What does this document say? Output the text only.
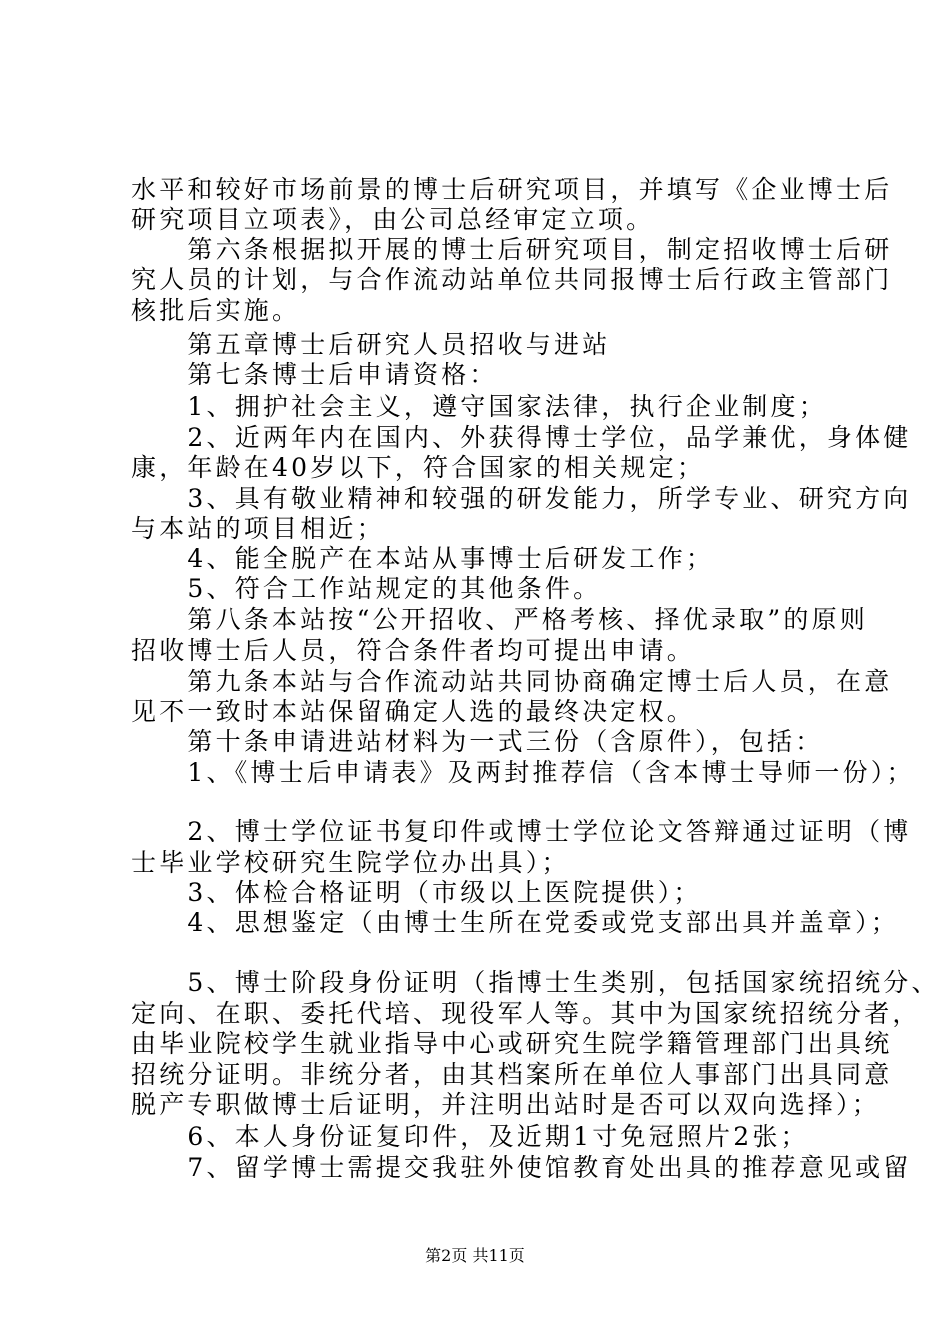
水平和较好市场前景的博士后研究项目，并填写《企业博士后
研究项目立项表》，由公司总经审定立项。
　　第六条根据拟开展的博士后研究项目，制定招收博士后研
究人员的计划，与合作流动站单位共同报博士后行政主管部门
核批后实施。
　　第五章博士后研究人员招收与进站
　　第七条博士后申请资格：
　　1、拥护社会主义，遵守国家法律，执行企业制度；
　　2、近两年内在国内、外获得博士学位，品学兼优，身体健
康，年龄在40岁以下，符合国家的相关规定；
　　3、具有敬业精神和较强的研发能力，所学专业、研究方向
与本站的项目相近；
　　4、能全脱产在本站从事博士后研发工作；
　　5、符合工作站规定的其他条件。
　　第八条本站按“公开招收、严格考核、择优录取”的原则
招收博士后人员，符合条件者均可提出申请。
　　第九条本站与合作流动站共同协商确定博士后人员，在意
见不一致时本站保留确定人选的最终决定权。
　　第十条申请进站材料为一式三份（含原件），包括：
　　1、《博士后申请表》及两封推荐信（含本博士导师一份）；
　　2、博士学位证书复印件或博士学位论文答辩通过证明（博
士毕业学校研究生院学位办出具）；
　　3、体检合格证明（市级以上医院提供）；
　　4、思想鉴定（由博士生所在党委或党支部出具并盖章）；
　　5、博士阶段身份证明（指博士生类别，包括国家统招统分、
定向、在职、委托代培、现役军人等。其中为国家统招统分者，
由毕业院校学生就业指导中心或研究生院学籍管理部门出具统
招统分证明。非统分者，由其档案所在单位人事部门出具同意
脱产专职做博士后证明，并注明出站时是否可以双向选择）；
　　6、本人身份证复印件，及近期1寸免冠照片2张；
　　7、留学博士需提交我驻外使馆教育处出具的推荐意见或留
第2页 共11页
